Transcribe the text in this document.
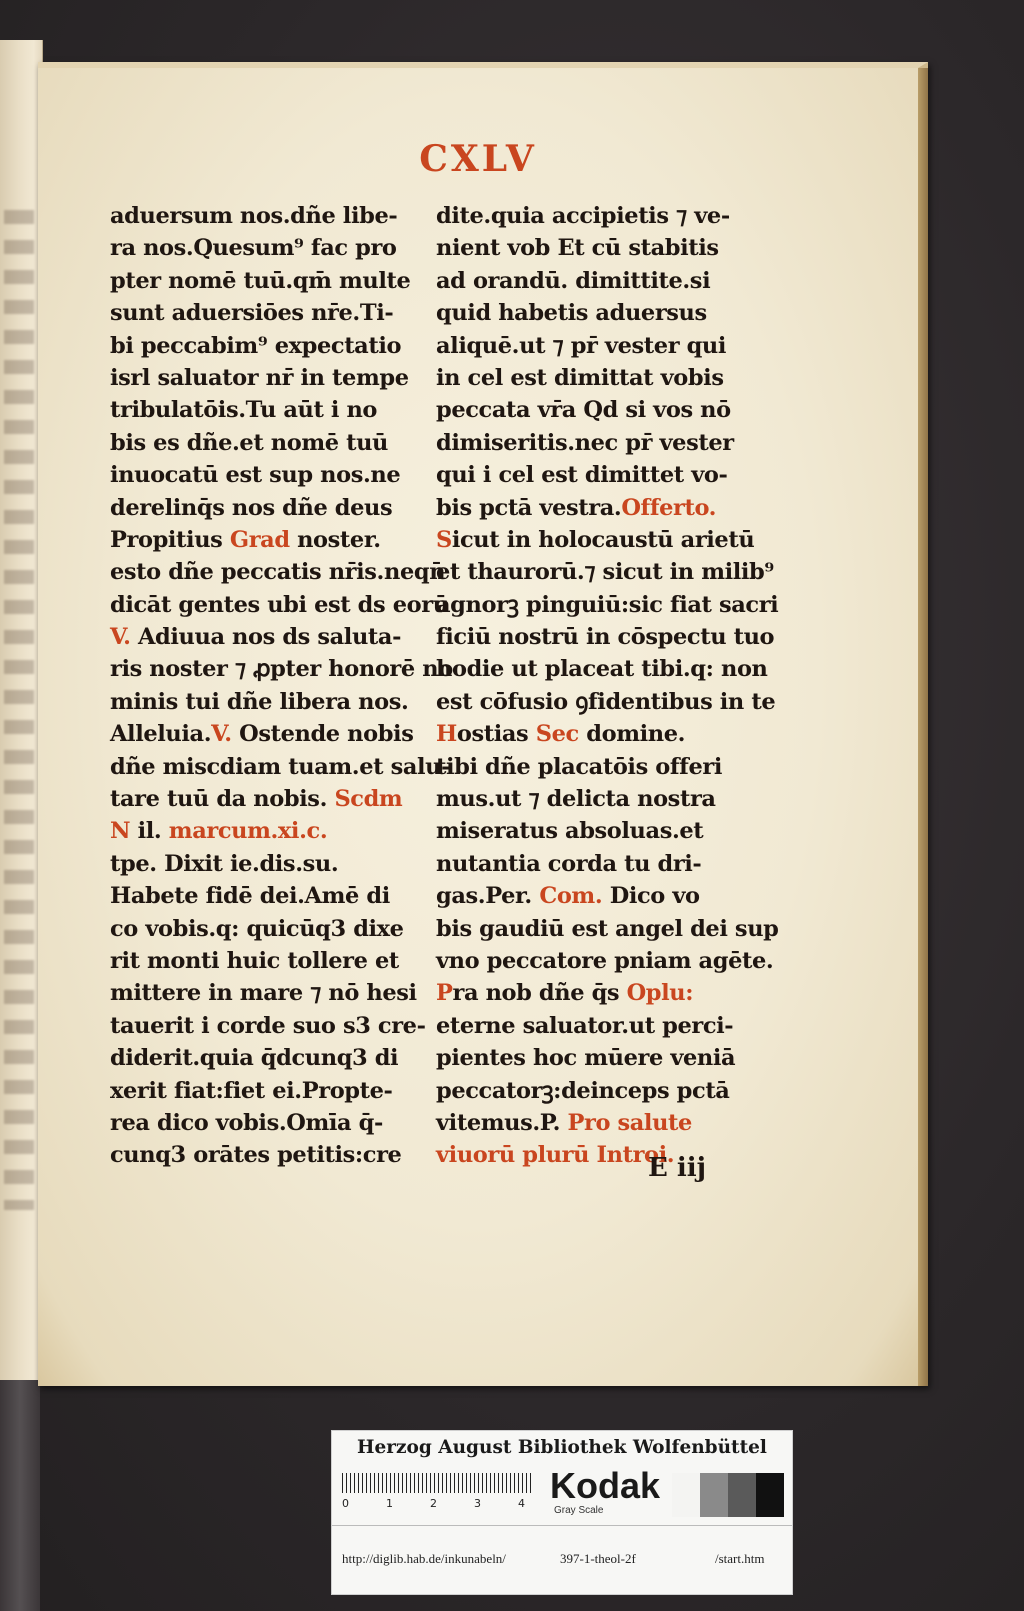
CXLV
aduersum nos.dñe libe-
ra nos.Quesum⁹ fac pro
pter nomē tuū.qm̄ multe
sunt aduersiōes nr̄e.Ti-
bi peccabim⁹ expectatio
isrl saluator nr̄ in tempe
tribulatōis.Tu aūt i no
bis es dñe.et nomē tuū
inuocatū est sup nos.ne
derelinq̄s nos dñe deus
Propitius Grad noster.
esto dñe peccatis nr̄is.neqn̄
dicāt gentes ubi est ds eorū
V. Adiuua nos ds saluta-
ris noster ⁊ ꝓpter honorē no
minis tui dñe libera nos.
Alleluia.V. Ostende nobis
dñe miscdiam tuam.et salu-
tare tuū da nobis. Scdm
N il. marcum.xi.c.
tpe. Dixit ie.dis.su.
Habete fidē dei.Amē di
co vobis.q: quicūq3 dixe
rit monti huic tollere et
mittere in mare ⁊ nō hesi
tauerit i corde suo s3 cre-
diderit.quia q̄dcunq3 di
xerit fiat:fiet ei.Propte-
rea dico vobis.Omīa q̄-
cunq3 orātes petitis:cre
dite.quia accipietis ⁊ ve-
nient vob Et cū stabitis
ad orandū. dimittite.si
quid habetis aduersus
aliquē.ut ⁊ pr̄ vester qui
in cel est dimittat vobis
peccata vr̄a Qd si vos nō
dimiseritis.nec pr̄ vester
qui i cel est dimittet vo-
bis pctā vestra.Offerto.
Sicut in holocaustū arietū
et thaurorū.⁊ sicut in milib⁹
agnorꝫ pinguiū:sic fiat sacri
ficiū nostrū in cōspectu tuo
hodie ut placeat tibi.q: non
est cōfusio ꝯfidentibus in te
Hostias Sec domine.
tibi dñe placatōis offeri
mus.ut ⁊ delicta nostra
miseratus absoluas.et
nutantia corda tu dri-
gas.Per. Com. Dico vo
bis gaudiū est angel dei sup
vno peccatore pniam agēte.
Pra nob dñe q̄s Oplu:
eterne saluator.ut perci-
pientes hoc mūere veniā
peccatorꝫ:deinceps pctā
vitemus.P. Pro salute
viuorū plurū Introi.
E iij
Herzog August Bibliothek Wolfenbüttel
0	1	2	3	4 Kodak
Gray Scale
http://diglib.hab.de/inkunabeln/	397-1-theol-2f	/start.htm
